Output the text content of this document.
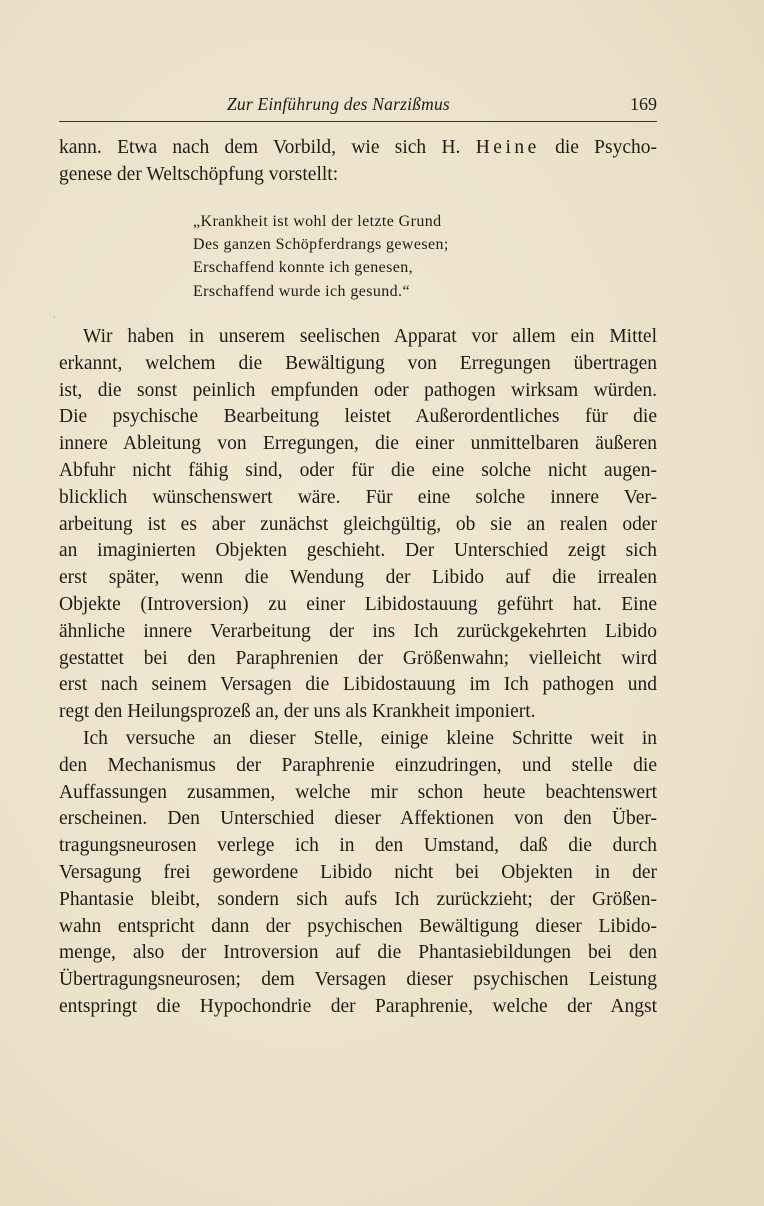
Zur Einführung des Narzißmus	169

kann. Etwa nach dem Vorbild, wie sich H. Heine die Psycho-
genese der Weltschöpfung vorstellt:

„Krankheit ist wohl der letzte Grund
Des ganzen Schöpferdrangs gewesen;
Erschaffend konnte ich genesen,
Erschaffend wurde ich gesund.“
·
Wir haben in unserem seelischen Apparat vor allem ein Mittel
erkannt, welchem die Bewältigung von Erregungen übertragen
ist, die sonst peinlich empfunden oder pathogen wirksam würden.
Die psychische Bearbeitung leistet Außerordentliches für die
innere Ableitung von Erregungen, die einer unmittelbaren äußeren
Abfuhr nicht fähig sind, oder für die eine solche nicht augen-
blicklich wünschenswert wäre. Für eine solche innere Ver-
arbeitung ist es aber zunächst gleichgültig, ob sie an realen oder
an imaginierten Objekten geschieht. Der Unterschied zeigt sich
erst später, wenn die Wendung der Libido auf die irrealen
Objekte (Introversion) zu einer Libidostauung geführt hat. Eine
ähnliche innere Verarbeitung der ins Ich zurückgekehrten Libido
gestattet bei den Paraphrenien der Größenwahn; vielleicht wird
erst nach seinem Versagen die Libidostauung im Ich pathogen und
regt den Heilungsprozeß an, der uns als Krankheit imponiert.
Ich versuche an dieser Stelle, einige kleine Schritte weit in
den Mechanismus der Paraphrenie einzudringen, und stelle die
Auffassungen zusammen, welche mir schon heute beachtenswert
erscheinen. Den Unterschied dieser Affektionen von den Über-
tragungsneurosen verlege ich in den Umstand, daß die durch
Versagung frei gewordene Libido nicht bei Objekten in der
Phantasie bleibt, sondern sich aufs Ich zurückzieht; der Größen-
wahn entspricht dann der psychischen Bewältigung dieser Libido-
menge, also der Introversion auf die Phantasiebildungen bei den
Übertragungsneurosen; dem Versagen dieser psychischen Leistung
entspringt die Hypochondrie der Paraphrenie, welche der Angst
